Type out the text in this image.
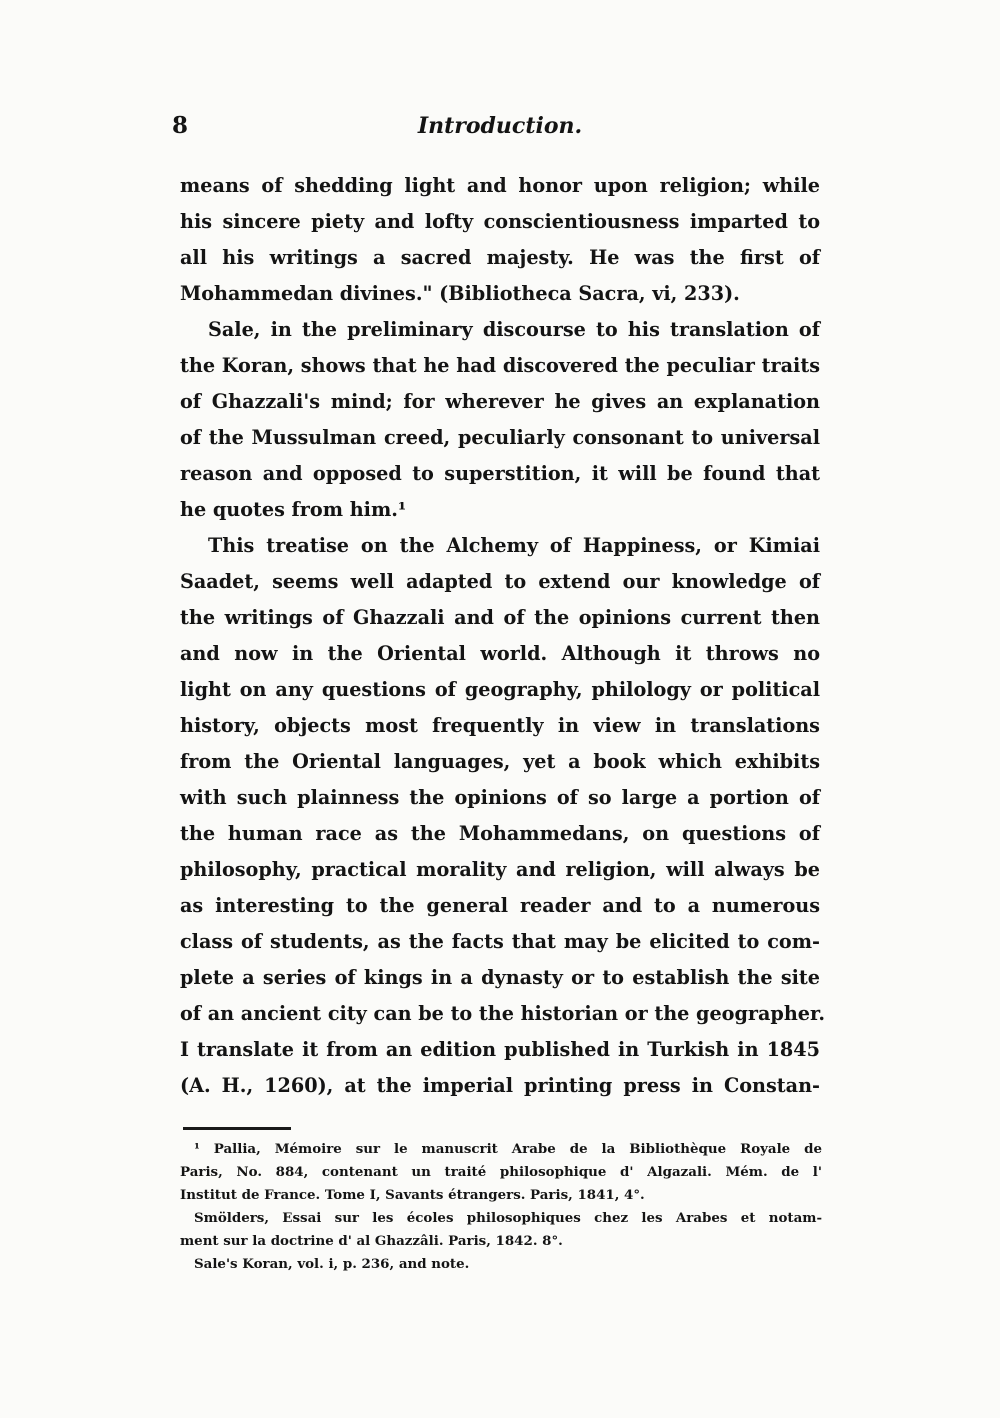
8	Introduction.
means of shedding light and honor upon religion; while
his sincere piety and lofty conscientiousness imparted to
all his writings a sacred majesty. He was the first of
Mohammedan divines." (Bibliotheca Sacra, vi, 233).
Sale, in the preliminary discourse to his translation of
the Koran, shows that he had discovered the peculiar traits
of Ghazzali's mind; for wherever he gives an explanation
of the Mussulman creed, peculiarly consonant to universal
reason and opposed to superstition, it will be found that
he quotes from him.¹
This treatise on the Alchemy of Happiness, or Kimiai
Saadet, seems well adapted to extend our knowledge of
the writings of Ghazzali and of the opinions current then
and now in the Oriental world. Although it throws no
light on any questions of geography, philology or political
history, objects most frequently in view in translations
from the Oriental languages, yet a book which exhibits
with such plainness the opinions of so large a portion of
the human race as the Mohammedans, on questions of
philosophy, practical morality and religion, will always be
as interesting to the general reader and to a numerous
class of students, as the facts that may be elicited to com-
plete a series of kings in a dynasty or to establish the site
of an ancient city can be to the historian or the geographer.
I translate it from an edition published in Turkish in 1845
(A. H., 1260), at the imperial printing press in Constan-
¹ Pallia, Mémoire sur le manuscrit Arabe de la Bibliothèque Royale de
Paris, No. 884, contenant un traité philosophique d' Algazali. Mém. de l'
Institut de France. Tome I, Savants étrangers. Paris, 1841, 4°.
Smölders, Essai sur les écoles philosophiques chez les Arabes et notam-
ment sur la doctrine d' al Ghazzâli. Paris, 1842. 8°.
Sale's Koran, vol. i, p. 236, and note.
